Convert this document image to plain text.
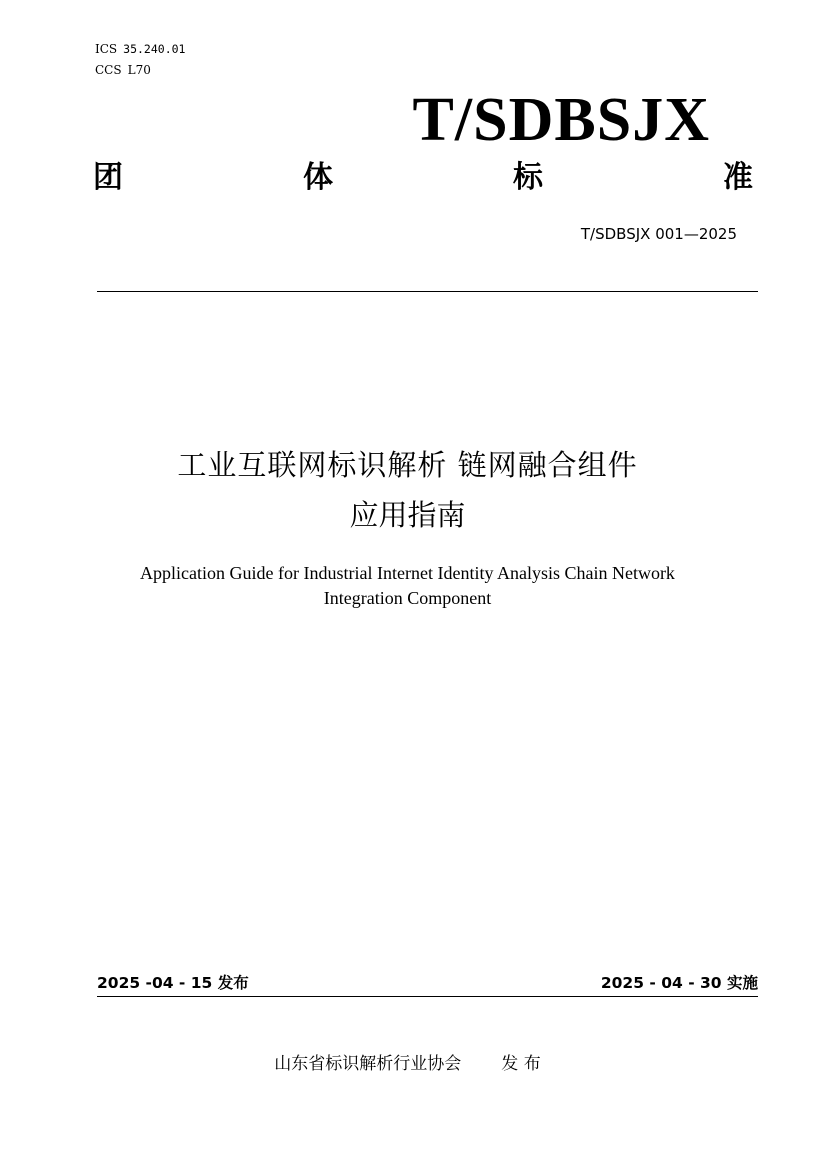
ICS 35.240.01
CCS L70
T/SDBSJX
团	体	标	准
T/SDBSJX 001—2025
工业互联网标识解析 链网融合组件
应用指南
Application Guide for Industrial Internet Identity Analysis Chain Network
Integration Component
2025 -04 - 15 发布	2025 - 04 - 30 实施
山东省标识解析行业协会 发 布
